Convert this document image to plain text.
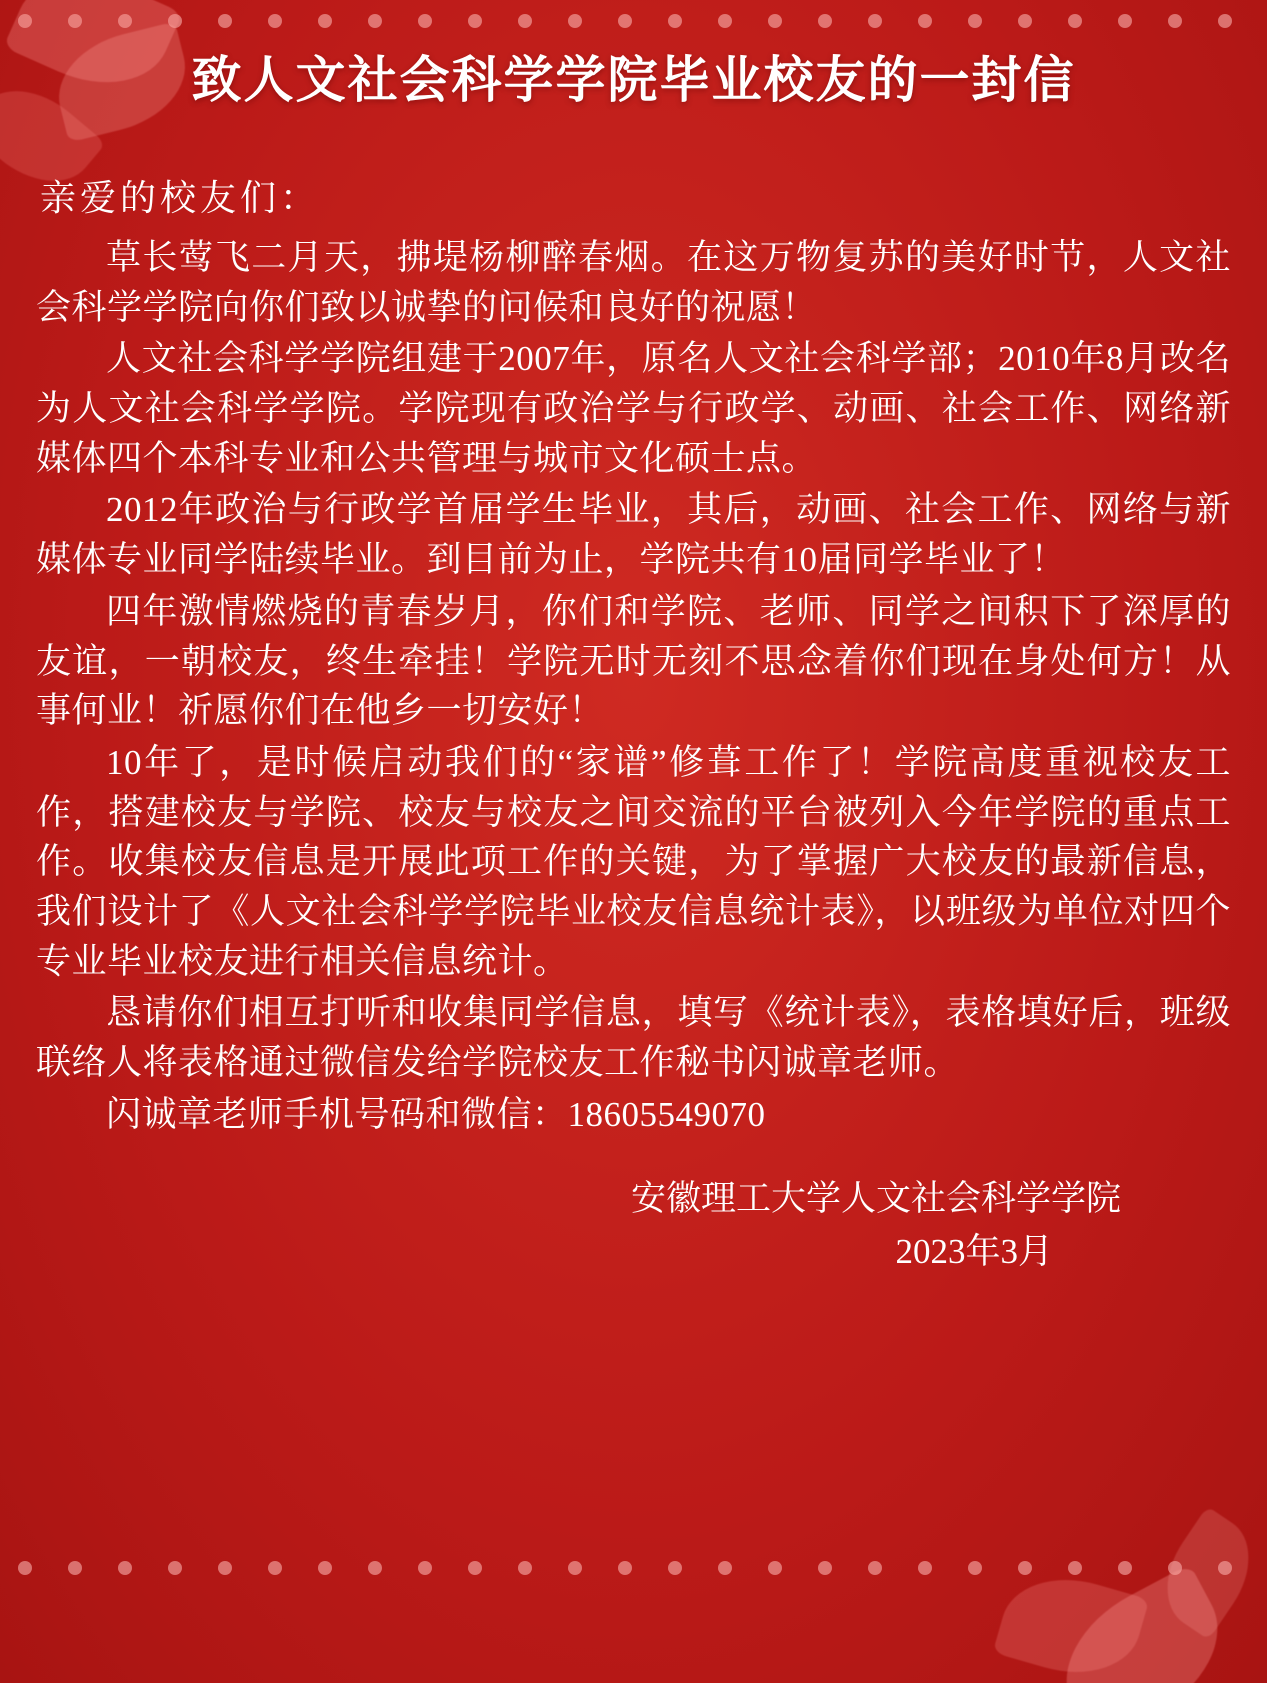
致人文社会科学学院毕业校友的一封信
亲爱的校友们：

草长莺飞二月天，拂堤杨柳醉春烟。在这万物复苏的美好时节，人文社会科学学院向你们致以诚挚的问候和良好的祝愿！

人文社会科学学院组建于2007年，原名人文社会科学部；2010年8月改名为人文社会科学学院。学院现有政治学与行政学、动画、社会工作、网络新媒体四个本科专业和公共管理与城市文化硕士点。

2012年政治与行政学首届学生毕业，其后，动画、社会工作、网络与新媒体专业同学陆续毕业。到目前为止，学院共有10届同学毕业了！

四年激情燃烧的青春岁月，你们和学院、老师、同学之间积下了深厚的友谊，一朝校友，终生牵挂！学院无时无刻不思念着你们现在身处何方！从事何业！祈愿你们在他乡一切安好！

10年了，是时候启动我们的“家谱”修葺工作了！学院高度重视校友工作，搭建校友与学院、校友与校友之间交流的平台被列入今年学院的重点工作。收集校友信息是开展此项工作的关键，为了掌握广大校友的最新信息，我们设计了《人文社会科学学院毕业校友信息统计表》，以班级为单位对四个专业毕业校友进行相关信息统计。

恳请你们相互打听和收集同学信息，填写《统计表》，表格填好后，班级联络人将表格通过微信发给学院校友工作秘书闪诚章老师。

闪诚章老师手机号码和微信：18605549070

安徽理工大学人文社会科学学院
2023年3月
